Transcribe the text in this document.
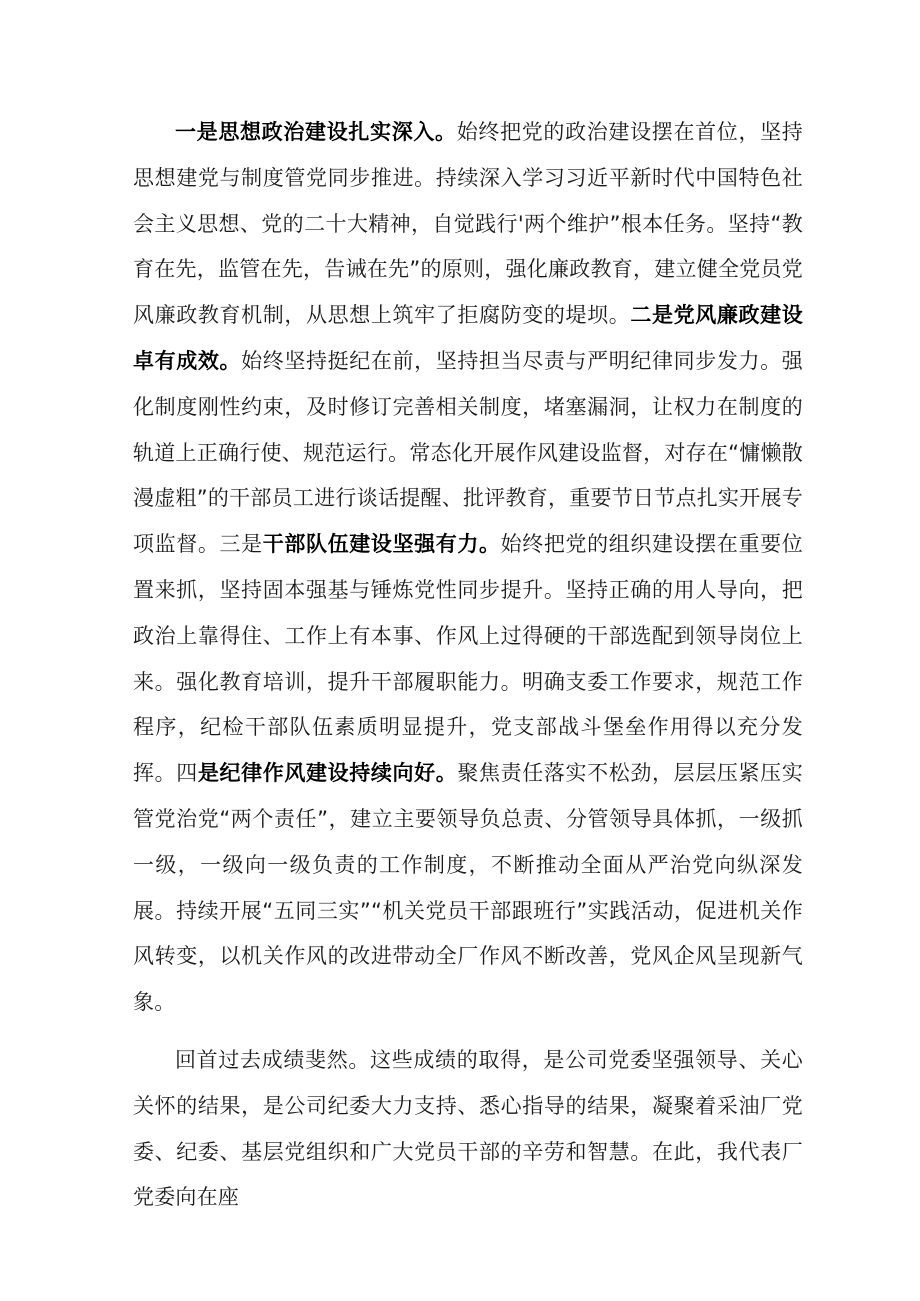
一是思想政治建设扎实深入。始终把党的政治建设摆在首位，坚持思想建党与制度管党同步推进。持续深入学习习近平新时代中国特色社会主义思想、党的二十大精神，自觉践行'两个维护”根本任务。坚持“教育在先，监管在先，告诫在先”的原则，强化廉政教育，建立健全党员党风廉政教育机制，从思想上筑牢了拒腐防变的堤坝。二是党风廉政建设卓有成效。始终坚持挺纪在前，坚持担当尽责与严明纪律同步发力。强化制度刚性约束，及时修订完善相关制度，堵塞漏洞，让权力在制度的轨道上正确行使、规范运行。常态化开展作风建设监督，对存在“慵懒散漫虚粗”的干部员工进行谈话提醒、批评教育，重要节日节点扎实开展专项监督。三是干部队伍建设坚强有力。始终把党的组织建设摆在重要位置来抓，坚持固本强基与锤炼党性同步提升。坚持正确的用人导向，把政治上靠得住、工作上有本事、作风上过得硬的干部选配到领导岗位上来。强化教育培训，提升干部履职能力。明确支委工作要求，规范工作程序，纪检干部队伍素质明显提升，党支部战斗堡垒作用得以充分发挥。四是纪律作风建设持续向好。聚焦责任落实不松劲，层层压紧压实管党治党“两个责任”，建立主要领导负总责、分管领导具体抓，一级抓一级，一级向一级负责的工作制度，不断推动全面从严治党向纵深发展。持续开展“五同三实”“机关党员干部跟班行”实践活动，促进机关作风转变，以机关作风的改进带动全厂作风不断改善，党风企风呈现新气象。

回首过去成绩斐然。这些成绩的取得，是公司党委坚强领导、关心关怀的结果，是公司纪委大力支持、悉心指导的结果，凝聚着采油厂党委、纪委、基层党组织和广大党员干部的辛劳和智慧。在此，我代表厂党委向在座
